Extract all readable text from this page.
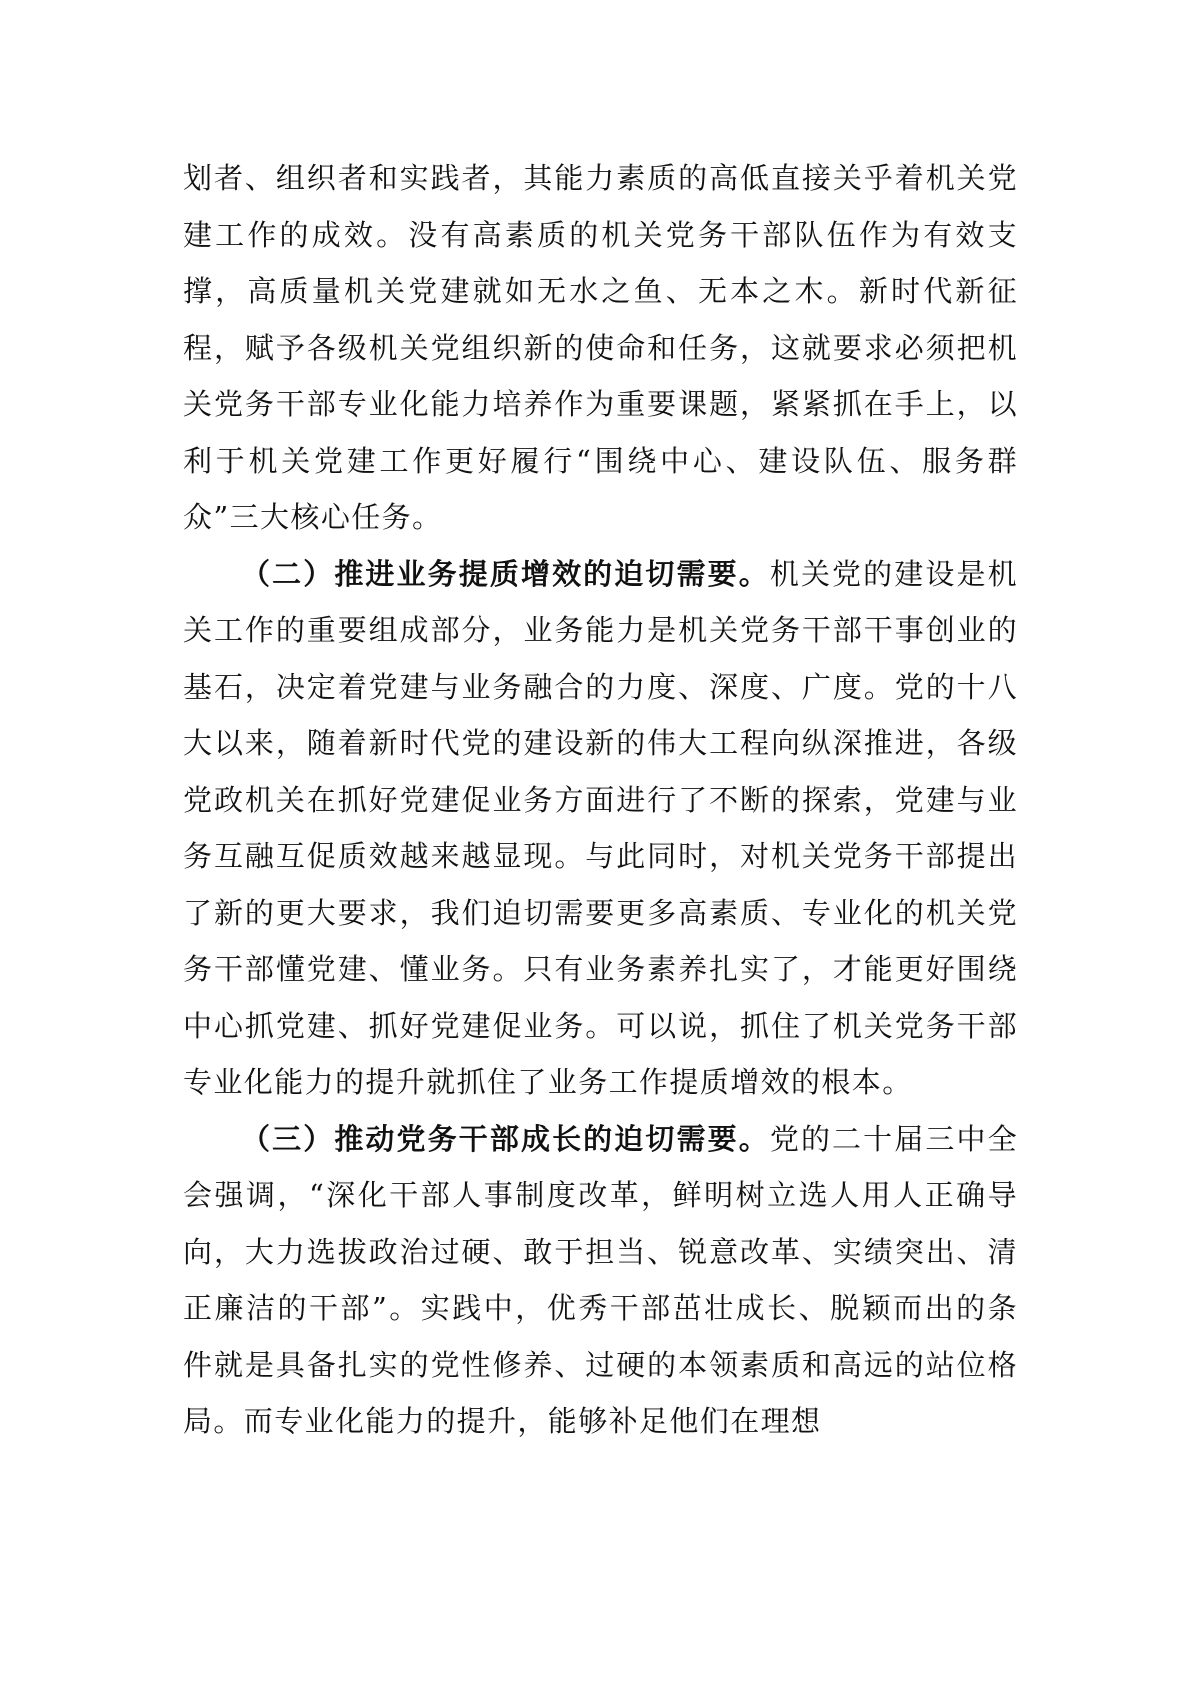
划者、组织者和实践者，其能力素质的高低直接关乎着机关党建工作的成效。没有高素质的机关党务干部队伍作为有效支撑，高质量机关党建就如无水之鱼、无本之木。新时代新征程，赋予各级机关党组织新的使命和任务，这就要求必须把机关党务干部专业化能力培养作为重要课题，紧紧抓在手上，以利于机关党建工作更好履行“围绕中心、建设队伍、服务群众”三大核心任务。

（二）推进业务提质增效的迫切需要。机关党的建设是机关工作的重要组成部分，业务能力是机关党务干部干事创业的基石，决定着党建与业务融合的力度、深度、广度。党的十八大以来，随着新时代党的建设新的伟大工程向纵深推进，各级党政机关在抓好党建促业务方面进行了不断的探索，党建与业务互融互促质效越来越显现。与此同时，对机关党务干部提出了新的更大要求，我们迫切需要更多高素质、专业化的机关党务干部懂党建、懂业务。只有业务素养扎实了，才能更好围绕中心抓党建、抓好党建促业务。可以说，抓住了机关党务干部专业化能力的提升就抓住了业务工作提质增效的根本。

（三）推动党务干部成长的迫切需要。党的二十届三中全会强调，“深化干部人事制度改革，鲜明树立选人用人正确导向，大力选拔政治过硬、敢于担当、锐意改革、实绩突出、清正廉洁的干部”。实践中，优秀干部茁壮成长、脱颖而出的条件就是具备扎实的党性修养、过硬的本领素质和高远的站位格局。而专业化能力的提升，能够补足他们在理想
